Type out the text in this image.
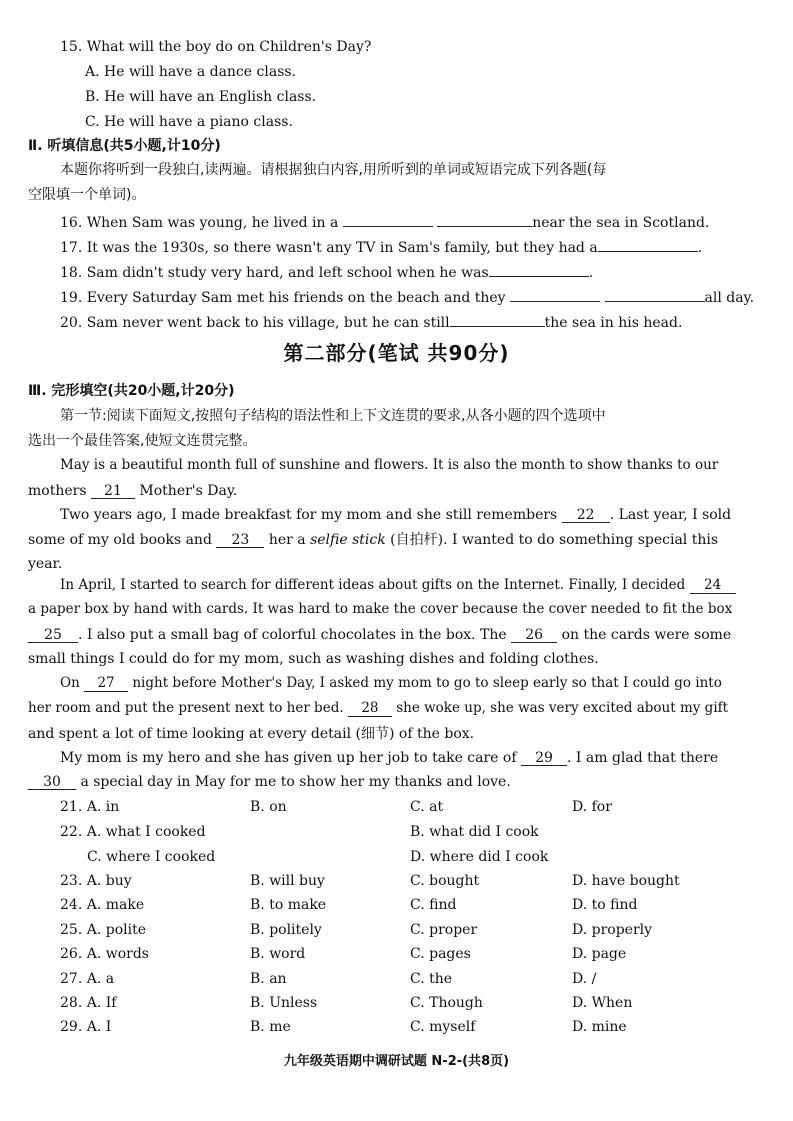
15. What will the boy do on Children's Day?
A. He will have a dance class.
B. He will have an English class.
C. He will have a piano class.
Ⅱ. 听填信息(共5小题,计10分)
本题你将听到一段独白,读两遍。请根据独白内容,用所听到的单词或短语完成下列各题(每
空限填一个单词)。
16. When Sam was young, he lived in a	near the sea in Scotland.
17. It was the 1930s, so there wasn't any TV in Sam's family, but they had a	.
18. Sam didn't study very hard, and left school when he was	.
19. Every Saturday Sam met his friends on the beach and they	all day.
20. Sam never went back to his village, but he can still	the sea in his head.
第二部分(笔试 共90分)
Ⅲ. 完形填空(共20小题,计20分)
第一节:阅读下面短文,按照句子结构的语法性和上下文连贯的要求,从各小题的四个选项中
选出一个最佳答案,使短文连贯完整。
May is a beautiful month full of sunshine and flowers. It is also the month to show thanks to our
mothers 21 Mother's Day.
Two years ago, I made breakfast for my mom and she still remembers 22 . Last year, I sold
some of my old books and 23 her a selfie stick (自拍杆). I wanted to do something special this
year.
In April, I started to search for different ideas about gifts on the Internet. Finally, I decided 24
a paper box by hand with cards. It was hard to make the cover because the cover needed to fit the box
25 . I also put a small bag of colorful chocolates in the box. The 26 on the cards were some
small things I could do for my mom, such as washing dishes and folding clothes.
On 27 night before Mother's Day, I asked my mom to go to sleep early so that I could go into
her room and put the present next to her bed. 28 she woke up, she was very excited about my gift
and spent a lot of time looking at every detail (细节) of the box.
My mom is my hero and she has given up her job to take care of 29 . I am glad that there
30 a special day in May for me to show her my thanks and love.
21. A. in	B. on	C. at	D. for
22. A. what I cooked	B. what did I cook
C. where I cooked	D. where did I cook
23. A. buy	B. will buy	C. bought	D. have bought
24. A. make	B. to make	C. find	D. to find
25. A. polite	B. politely	C. proper	D. properly
26. A. words	B. word	C. pages	D. page
27. A. a	B. an	C. the	D. /
28. A. If	B. Unless	C. Though	D. When
29. A. I	B. me	C. myself	D. mine
九年级英语期中调研试题 N-2-(共8页)
